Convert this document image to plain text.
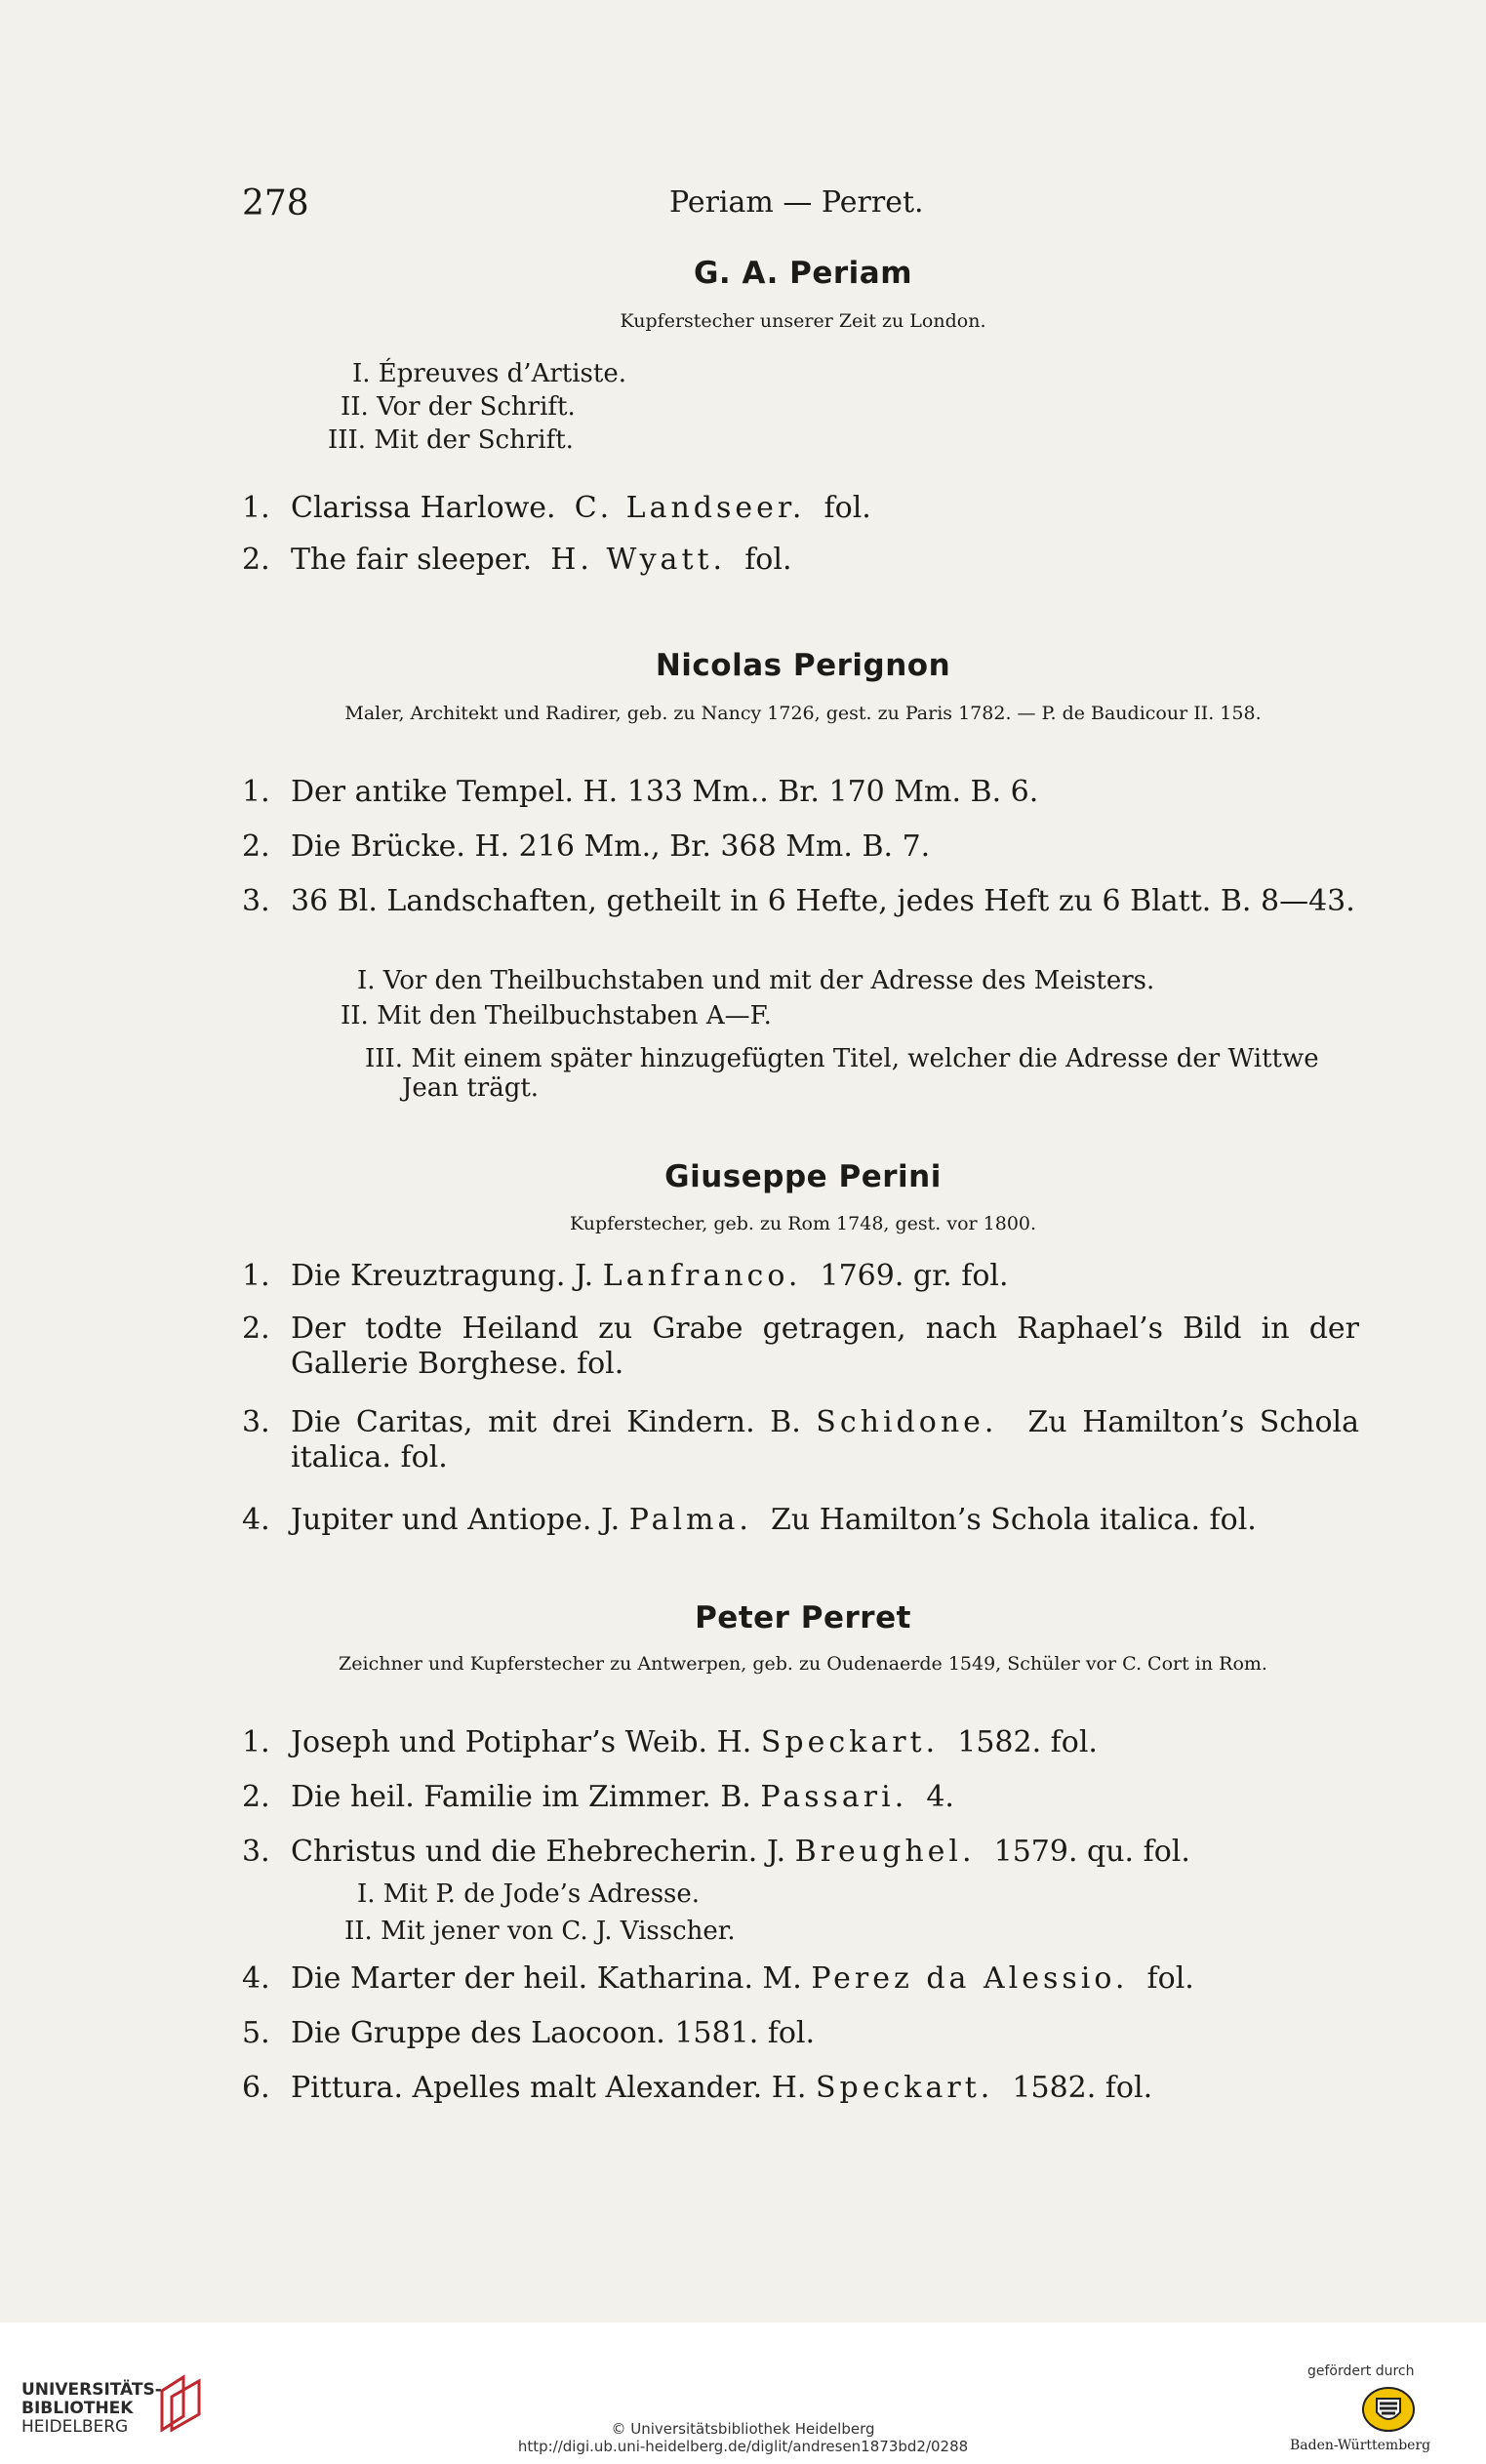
278	Periam — Perret.
G. A. Periam
Kupferstecher unserer Zeit zu London.
I. Épreuves d’Artiste.
II. Vor der Schrift.
III. Mit der Schrift.
1. Clarissa Harlowe. C. Landseer. fol.
2. The fair sleeper. H. Wyatt. fol.
Nicolas Perignon
Maler, Architekt und Radirer, geb. zu Nancy 1726, gest. zu Paris 1782. — P. de Baudicour II. 158.
1. Der antike Tempel. H. 133 Mm.. Br. 170 Mm. B. 6.
2. Die Brücke. H. 216 Mm., Br. 368 Mm. B. 7.
3. 36 Bl. Landschaften, getheilt in 6 Hefte, jedes Heft zu 6 Blatt. B. 8—43.
I. Vor den Theilbuchstaben und mit der Adresse des Meisters.
II. Mit den Theilbuchstaben A—F.
III. Mit einem später hinzugefügten Titel, welcher die Adresse der Wittwe Jean trägt.
Giuseppe Perini
Kupferstecher, geb. zu Rom 1748, gest. vor 1800.
1. Die Kreuztragung. J. Lanfranco. 1769. gr. fol.
2. Der todte Heiland zu Grabe getragen, nach Raphael’s Bild in der Gallerie Borghese. fol.
3. Die Caritas, mit drei Kindern. B. Schidone. Zu Hamilton’s Schola italica. fol.
4. Jupiter und Antiope. J. Palma. Zu Hamilton’s Schola italica. fol.
Peter Perret
Zeichner und Kupferstecher zu Antwerpen, geb. zu Oudenaerde 1549, Schüler vor C. Cort in Rom.
1. Joseph und Potiphar’s Weib. H. Speckart. 1582. fol.
2. Die heil. Familie im Zimmer. B. Passari. 4.
3. Christus und die Ehebrecherin. J. Breughel. 1579. qu. fol.
I. Mit P. de Jode’s Adresse.
II. Mit jener von C. J. Visscher.
4. Die Marter der heil. Katharina. M. Perez da Alessio. fol.
5. Die Gruppe des Laocoon. 1581. fol.
6. Pittura. Apelles malt Alexander. H. Speckart. 1582. fol.
UNIVERSITÄTS-
BIBLIOTHEK
HEIDELBERG	© Universitätsbibliothek Heidelberg
http://digi.ub.uni-heidelberg.de/diglit/andresen1873bd2/0288
gefördert durch
Baden-Württemberg
